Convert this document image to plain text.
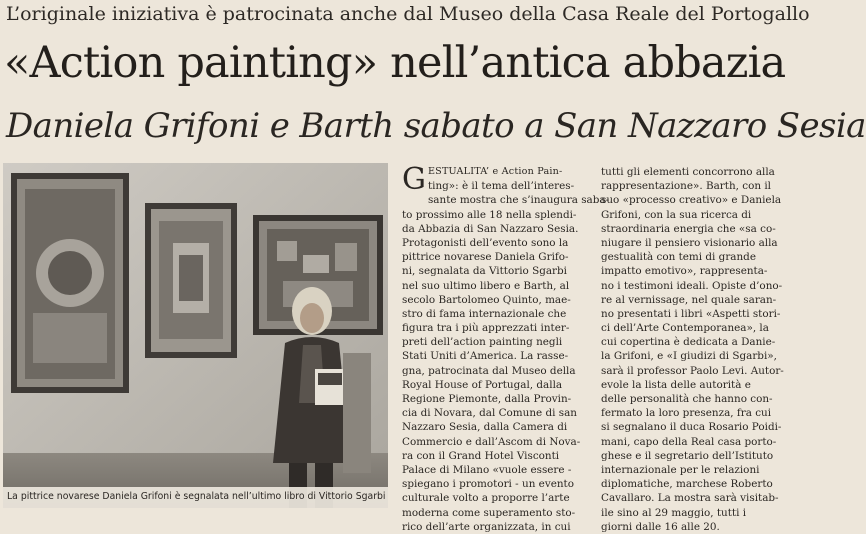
L’originale iniziativa è patrocinata anche dal Museo della Casa Reale del Portogallo
«Action painting» nell’antica abbazia
Daniela Grifoni e Barth sabato a San Nazzaro Sesia
La pittrice novarese Daniela Grifoni è segnalata nell’ultimo libro di Vittorio Sgarbi
G ESTUALITA’ e Action Pain-
ting»: è il tema dell’interes-
sante mostra che s’inaugura saba-
to prossimo alle 18 nella splendi-
da Abbazia di San Nazzaro Sesia.
Protagonisti dell’evento sono la
pittrice novarese Daniela Grifo-
ni, segnalata da Vittorio Sgarbi
nel suo ultimo libero e Barth, al
secolo Bartolomeo Quinto, mae-
stro di fama internazionale che
figura tra i più apprezzati inter-
preti dell’action painting negli
Stati Uniti d’America. La rasse-
gna, patrocinata dal Museo della
Royal House of Portugal, dalla
Regione Piemonte, dalla Provin-
cia di Novara, dal Comune di san
Nazzaro Sesia, dalla Camera di
Commercio e dall’Ascom di Nova-
ra con il Grand Hotel Visconti
Palace di Milano «vuole essere -
spiegano i promotori - un evento
culturale volto a proporre l’arte
moderna come superamento sto-
rico dell’arte organizzata, in cui
tutti gli elementi concorrono alla
rappresentazione». Barth, con il
suo «processo creativo» e Daniela
Grifoni, con la sua ricerca di
straordinaria energia che «sa co-
niugare il pensiero visionario alla
gestualità con temi di grande
impatto emotivo», rappresenta-
no i testimoni ideali. Opiste d’ono-
re al vernissage, nel quale saran-
no presentati i libri «Aspetti stori-
ci dell’Arte Contemporanea», la
cui copertina è dedicata a Danie-
la Grifoni, e «I giudizi di Sgarbi»,
sarà il professor Paolo Levi. Autor-
evole la lista delle autorità e
delle personalità che hanno con-
fermato la loro presenza, fra cui
si segnalano il duca Rosario Poidi-
mani, capo della Real casa porto-
ghese e il segretario dell’Istituto
internazionale per le relazioni
diplomatiche, marchese Roberto
Cavallaro. La mostra sarà visitab-
ile sino al 29 maggio, tutti i
giorni dalle 16 alle 20.
